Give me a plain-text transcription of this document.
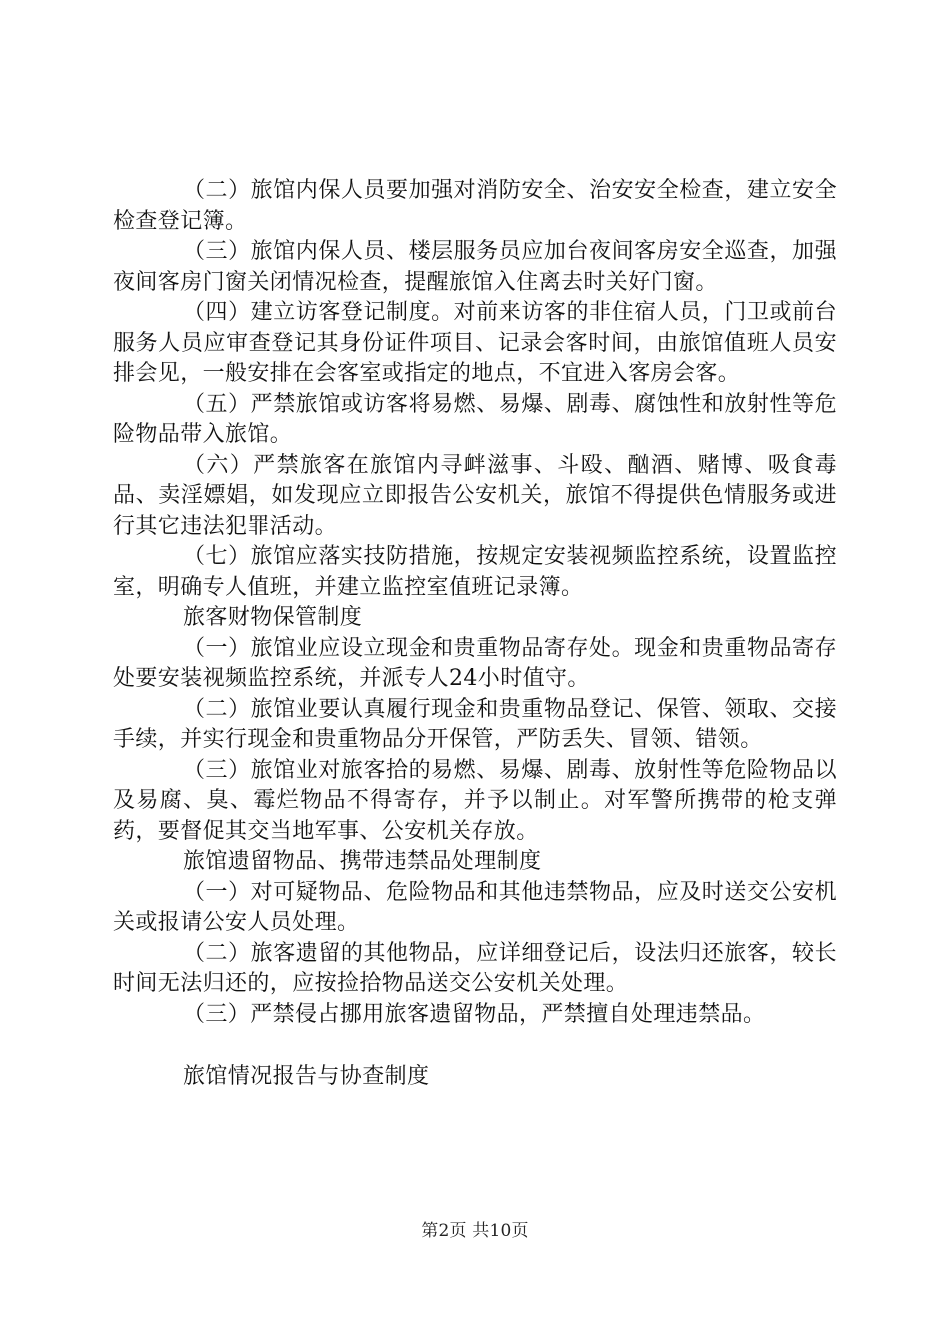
（二）旅馆内保人员要加强对消防安全、治安安全检查，建立安全检查登记簿。

（三）旅馆内保人员、楼层服务员应加台夜间客房安全巡查，加强夜间客房门窗关闭情况检查，提醒旅馆入住离去时关好门窗。

（四）建立访客登记制度。对前来访客的非住宿人员，门卫或前台服务人员应审查登记其身份证件项目、记录会客时间，由旅馆值班人员安排会见，一般安排在会客室或指定的地点，不宜进入客房会客。

（五）严禁旅馆或访客将易燃、易爆、剧毒、腐蚀性和放射性等危险物品带入旅馆。

（六）严禁旅客在旅馆内寻衅滋事、斗殴、酗酒、赌博、吸食毒品、卖淫嫖娼，如发现应立即报告公安机关，旅馆不得提供色情服务或进行其它违法犯罪活动。

（七）旅馆应落实技防措施，按规定安装视频监控系统，设置监控室，明确专人值班，并建立监控室值班记录簿。

旅客财物保管制度

（一）旅馆业应设立现金和贵重物品寄存处。现金和贵重物品寄存处要安装视频监控系统，并派专人24小时值守。

（二）旅馆业要认真履行现金和贵重物品登记、保管、领取、交接手续，并实行现金和贵重物品分开保管，严防丢失、冒领、错领。

（三）旅馆业对旅客拾的易燃、易爆、剧毒、放射性等危险物品以及易腐、臭、霉烂物品不得寄存，并予以制止。对军警所携带的枪支弹药，要督促其交当地军事、公安机关存放。

旅馆遗留物品、携带违禁品处理制度

（一）对可疑物品、危险物品和其他违禁物品，应及时送交公安机关或报请公安人员处理。

（二）旅客遗留的其他物品，应详细登记后，设法归还旅客，较长时间无法归还的，应按捡拾物品送交公安机关处理。

（三）严禁侵占挪用旅客遗留物品，严禁擅自处理违禁品。

旅馆情况报告与协查制度

第2页 共10页
